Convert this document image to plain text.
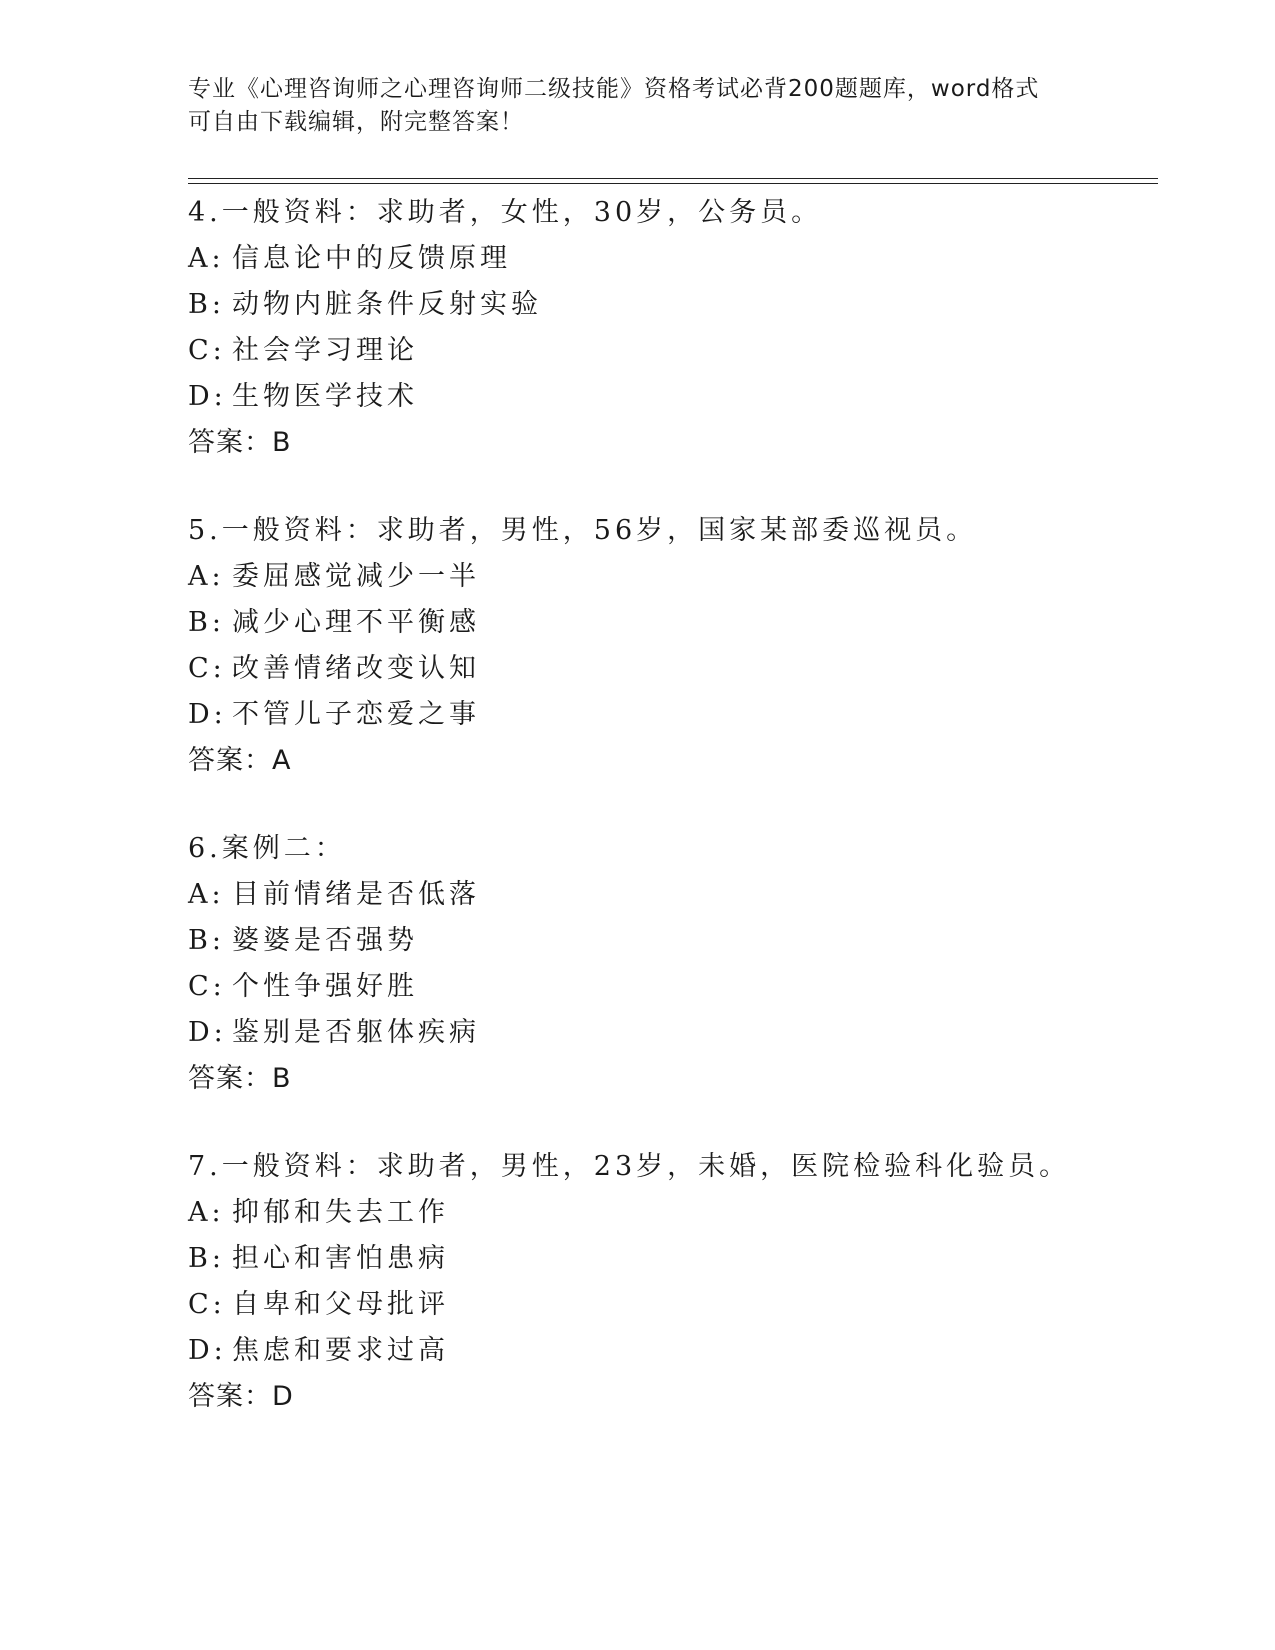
专业《心理咨询师之心理咨询师二级技能》资格考试必背200题题库，word格式
可自由下载编辑，附完整答案！
4.一般资料：求助者，女性，30岁，公务员。
A: 信息论中的反馈原理
B: 动物内脏条件反射实验
C: 社会学习理论
D: 生物医学技术
答案：B
5.一般资料：求助者，男性，56岁，国家某部委巡视员。
A: 委屈感觉减少一半
B: 减少心理不平衡感
C: 改善情绪改变认知
D: 不管儿子恋爱之事
答案：A
6.案例二：
A: 目前情绪是否低落
B: 婆婆是否强势
C: 个性争强好胜
D: 鉴别是否躯体疾病
答案：B
7.一般资料：求助者，男性，23岁，未婚，医院检验科化验员。
A: 抑郁和失去工作
B: 担心和害怕患病
C: 自卑和父母批评
D: 焦虑和要求过高
答案：D
